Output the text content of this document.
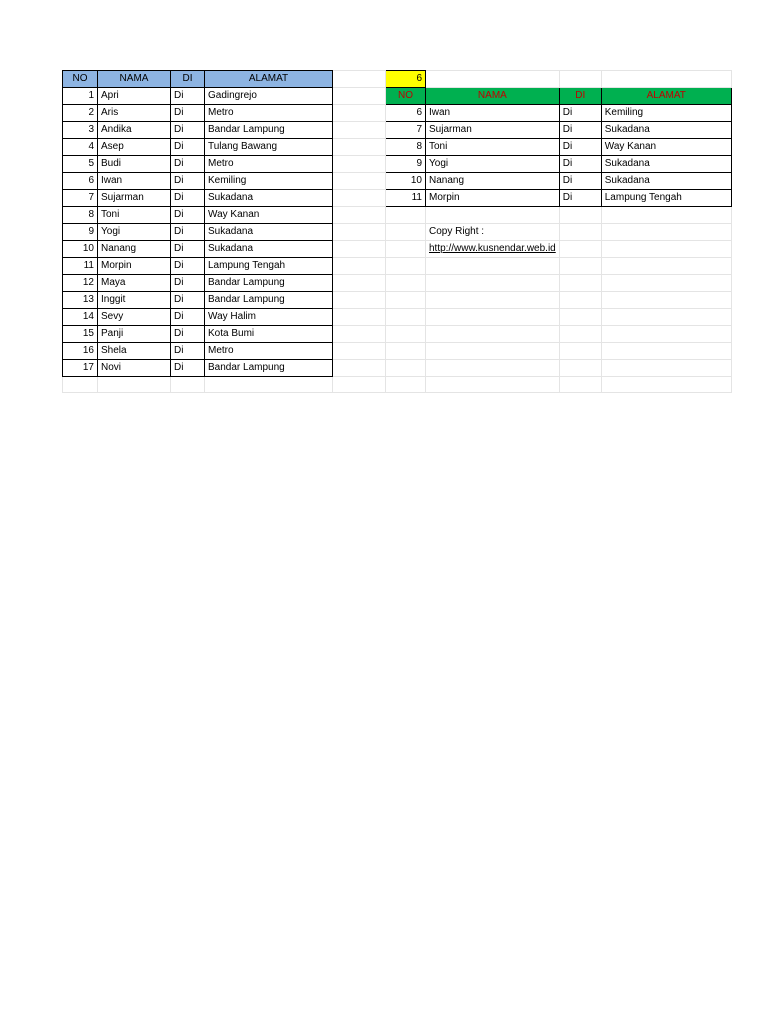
NO	NAMA	DI	ALAMAT		6			
1	Apri	Di	Gadingrejo		NO	NAMA	DI	ALAMAT
2	Aris	Di	Metro		6	Iwan	Di	Kemiling
3	Andika	Di	Bandar Lampung		7	Sujarman	Di	Sukadana
4	Asep	Di	Tulang Bawang		8	Toni	Di	Way Kanan
5	Budi	Di	Metro		9	Yogi	Di	Sukadana
6	Iwan	Di	Kemiling		10	Nanang	Di	Sukadana
7	Sujarman	Di	Sukadana		11	Morpin	Di	Lampung Tengah
8	Toni	Di	Way Kanan					
9	Yogi	Di	Sukadana			Copy Right :		
10	Nanang	Di	Sukadana			http://www.kusnendar.web.id		
11	Morpin	Di	Lampung Tengah					
12	Maya	Di	Bandar Lampung					
13	Inggit	Di	Bandar Lampung					
14	Sevy	Di	Way Halim					
15	Panji	Di	Kota Bumi					
16	Shela	Di	Metro					
17	Novi	Di	Bandar Lampung					
